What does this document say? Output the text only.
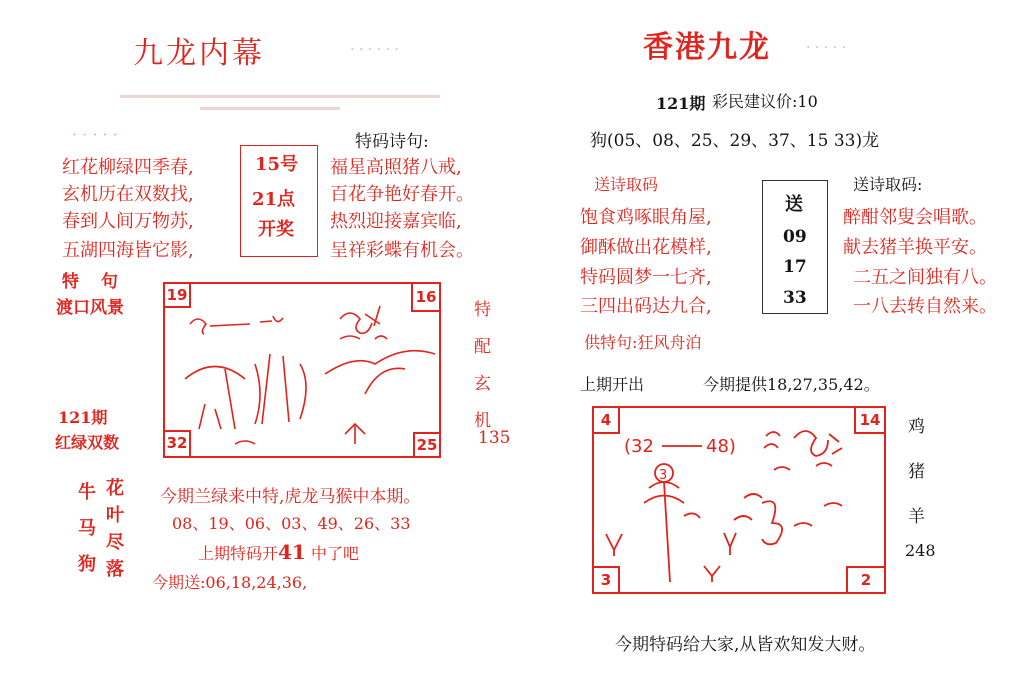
九龙内幕	· · · · · ·
· · · · ·	特码诗句:
红花柳绿四季春,
玄机历在双数找,
春到人间万物苏,
五湖四海皆它影,
15号
21点
开奖
福星高照猪八戒,
百花争艳好春开。
热烈迎接嘉宾临,
呈祥彩蝶有机会。
特 句
渡口风景
121期
红绿双数
19	16
32	25
特
配
玄
机
135
牛
马
狗
花
叶
尽
落
今期兰绿来中特,虎龙马猴中本期。
08、19、06、03、49、26、33
上期特码开41 中了吧
今期送:06,18,24,36,
香港九龙	· · · · ·
121期 彩民建议价:10
狗(05、08、25、29、37、15 33)龙
送诗取码	送诗取码:
饱食鸡啄眼角屋,
御酥做出花模样,
特码圆梦一七齐,
三四出码达九合,
送
09
17
33
醉酣邻叟会唱歌。
献去猪羊换平安。
二五之间独有八。
一八去转自然来。
供特句:狂风舟泊
上期开出	今期提供18,27,35,42。
4	14
3	2
(32	48)
3
鸡
猪
羊
248
今期特码给大家,从皆欢知发大财。
